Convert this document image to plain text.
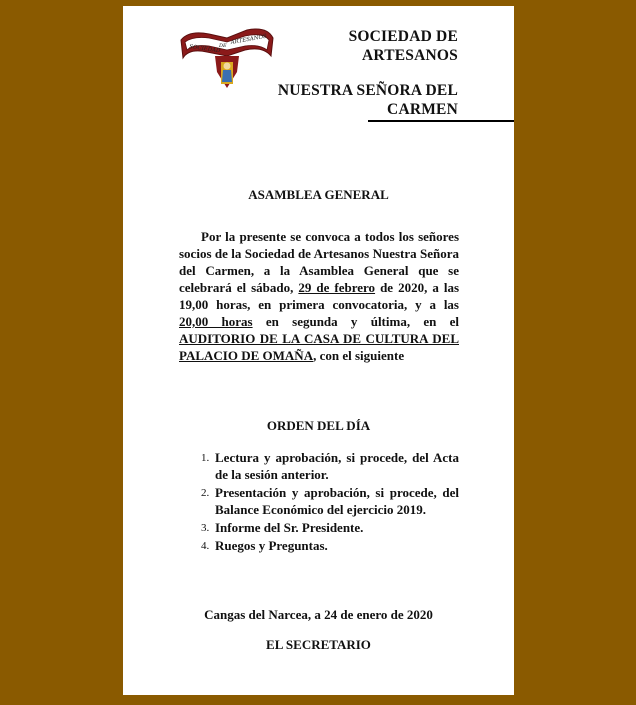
SOCIEDAD
DE
ARTESANOS	SOCIEDAD DE
ARTESANOS
NUESTRA SEÑORA DEL
CARMEN
ASAMBLEA GENERAL

Por la presente se convoca a todos los señores socios de la Sociedad de Artesanos Nuestra Señora del Carmen, a la Asamblea General que se celebrará el sábado, 29 de febrero de 2020, a las 19,00 horas, en primera convocatoria, y a las 20,00 horas en segunda y última, en el AUDITORIO DE LA CASA DE CULTURA DEL PALACIO DE OMAÑA, con el siguiente

ORDEN DEL DÍA
1. Lectura y aprobación, si procede, del Acta de la sesión anterior.
2. Presentación y aprobación, si procede, del Balance Económico del ejercicio 2019.
3. Informe del Sr. Presidente.
4. Ruegos y Preguntas.
Cangas del Narcea, a 24 de enero de 2020
EL SECRETARIO
